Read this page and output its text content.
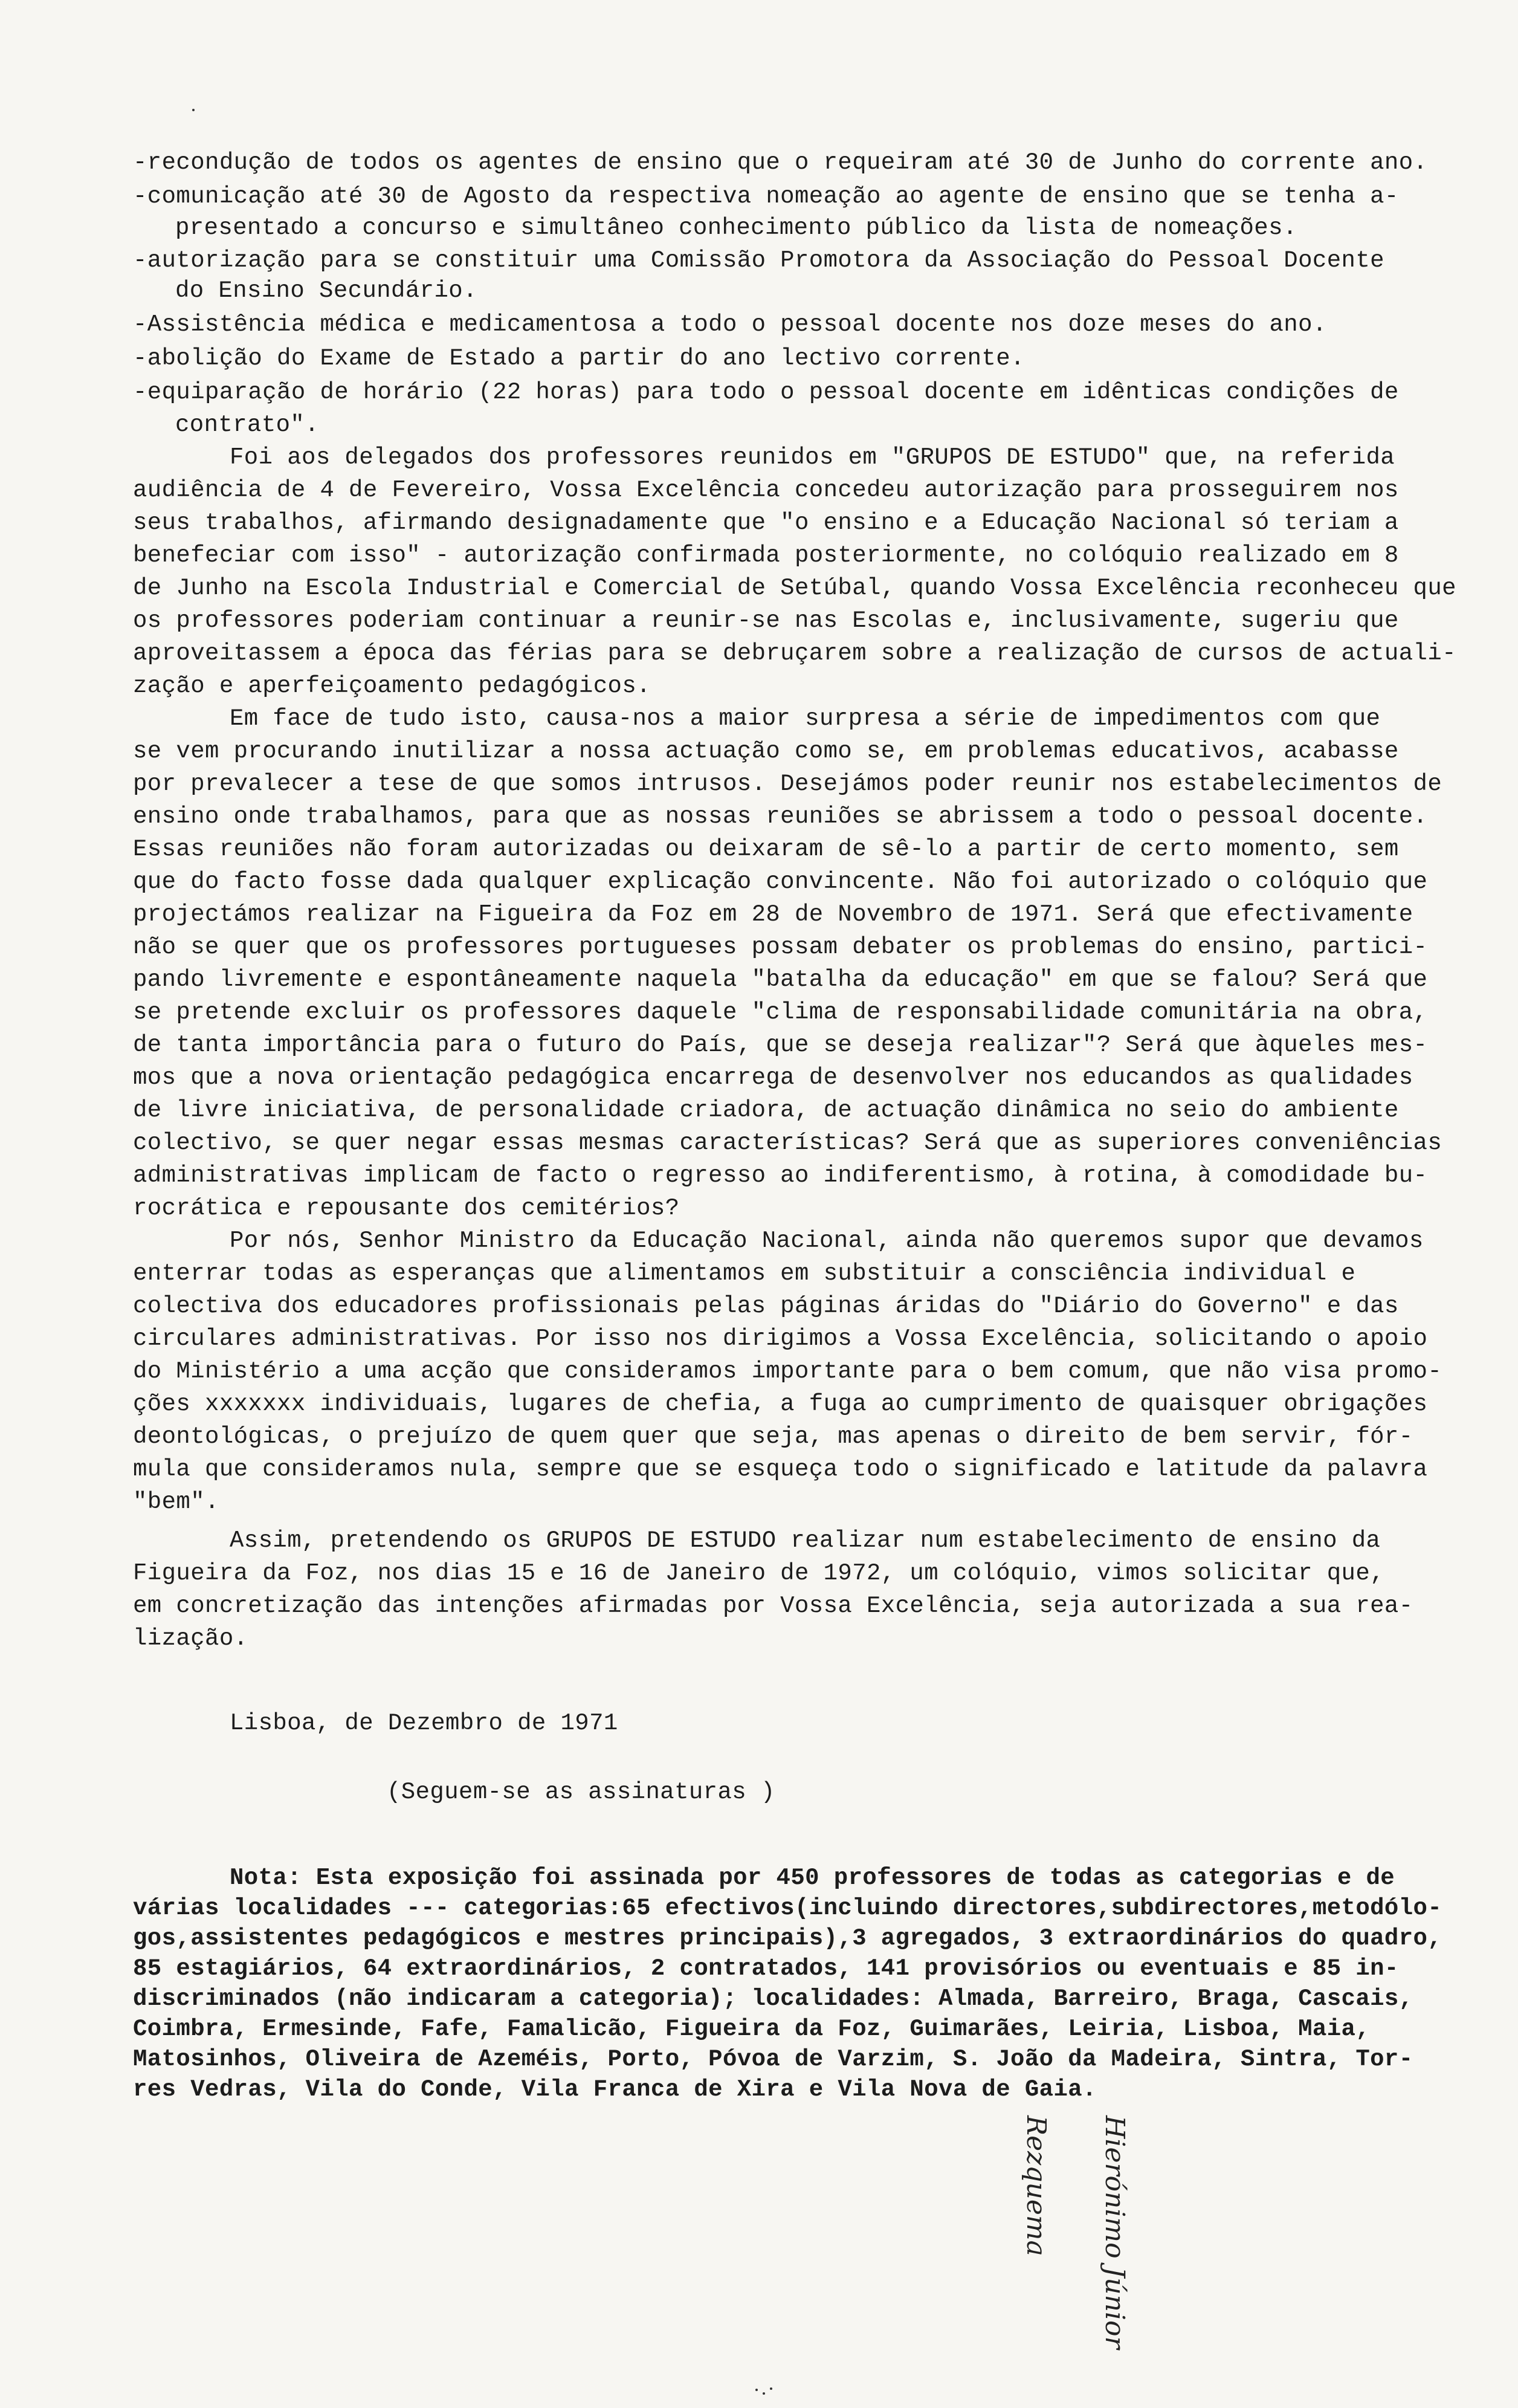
-recondução de todos os agentes de ensino que o requeiram até 30 de Junho do corrente ano.

-comunicação até 30 de Agosto da respectiva nomeação ao agente de ensino que se tenha a-

presentado a concurso e simultâneo conhecimento público da lista de nomeações.

-autorização para se constituir uma Comissão Promotora da Associação do Pessoal Docente

do Ensino Secundário.

-Assistência médica e medicamentosa a todo o pessoal docente nos doze meses do ano.

-abolição do Exame de Estado a partir do ano lectivo corrente.

-equiparação de horário (22 horas) para todo o pessoal docente em idênticas condições de

contrato".

Foi aos delegados dos professores reunidos em "GRUPOS DE ESTUDO" que, na referida

audiência de 4 de Fevereiro, Vossa Excelência concedeu autorização para prosseguirem nos

seus trabalhos, afirmando designadamente que "o ensino e a Educação Nacional só teriam a

benefeciar com isso" - autorização confirmada posteriormente, no colóquio realizado em 8

de Junho na Escola Industrial e Comercial de Setúbal, quando Vossa Excelência reconheceu que

os professores poderiam continuar a reunir-se nas Escolas e, inclusivamente, sugeriu que

aproveitassem a época das férias para se debruçarem sobre a realização de cursos de actuali-

zação e aperfeiçoamento pedagógicos.

Em face de tudo isto, causa-nos a maior surpresa a série de impedimentos com que

se vem procurando inutilizar a nossa actuação como se, em problemas educativos, acabasse

por prevalecer a tese de que somos intrusos. Desejámos poder reunir nos estabelecimentos de

ensino onde trabalhamos, para que as nossas reuniões se abrissem a todo o pessoal docente.

Essas reuniões não foram autorizadas ou deixaram de sê-lo a partir de certo momento, sem

que do facto fosse dada qualquer explicação convincente. Não foi autorizado o colóquio que

projectámos realizar na Figueira da Foz em 28 de Novembro de 1971. Será que efectivamente

não se quer que os professores portugueses possam debater os problemas do ensino, partici-

pando livremente e espontâneamente naquela "batalha da educação" em que se falou? Será que

se pretende excluir os professores daquele "clima de responsabilidade comunitária na obra,

de tanta importância para o futuro do País, que se deseja realizar"? Será que àqueles mes-

mos que a nova orientação pedagógica encarrega de desenvolver nos educandos as qualidades

de livre iniciativa, de personalidade criadora, de actuação dinâmica no seio do ambiente

colectivo, se quer negar essas mesmas características? Será que as superiores conveniências

administrativas implicam de facto o regresso ao indiferentismo, à rotina, à comodidade bu-

rocrática e repousante dos cemitérios?

Por nós, Senhor Ministro da Educação Nacional, ainda não queremos supor que devamos

enterrar todas as esperanças que alimentamos em substituir a consciência individual e

colectiva dos educadores profissionais pelas páginas áridas do "Diário do Governo" e das

circulares administrativas. Por isso nos dirigimos a Vossa Excelência, solicitando o apoio

do Ministério a uma acção que consideramos importante para o bem comum, que não visa promo-

ções xxxxxxx individuais, lugares de chefia, a fuga ao cumprimento de quaisquer obrigações

deontológicas, o prejuízo de quem quer que seja, mas apenas o direito de bem servir, fór-

mula que consideramos nula, sempre que se esqueça todo o significado e latitude da palavra

"bem".

Assim, pretendendo os GRUPOS DE ESTUDO realizar num estabelecimento de ensino da

Figueira da Foz, nos dias 15 e 16 de Janeiro de 1972, um colóquio, vimos solicitar que,

em concretização das intenções afirmadas por Vossa Excelência, seja autorizada a sua rea-

lização.

Lisboa, de Dezembro de 1971

(Seguem-se as assinaturas )

Nota: Esta exposição foi assinada por 450 professores de todas as categorias e de

várias localidades --- categorias:65 efectivos(incluindo directores,subdirectores,metodólo-

gos,assistentes pedagógicos e mestres principais),3 agregados, 3 extraordinários do quadro,

85 estagiários, 64 extraordinários, 2 contratados, 141 provisórios ou eventuais e 85 in-

discriminados (não indicaram a categoria); localidades: Almada, Barreiro, Braga, Cascais,

Coimbra, Ermesinde, Fafe, Famalicão, Figueira da Foz, Guimarães, Leiria, Lisboa, Maia,

Matosinhos, Oliveira de Azeméis, Porto, Póvoa de Varzim, S. João da Madeira, Sintra, Tor-

res Vedras, Vila do Conde, Vila Franca de Xira e Vila Nova de Gaia.

Rezquema Hierónimo Júnior
